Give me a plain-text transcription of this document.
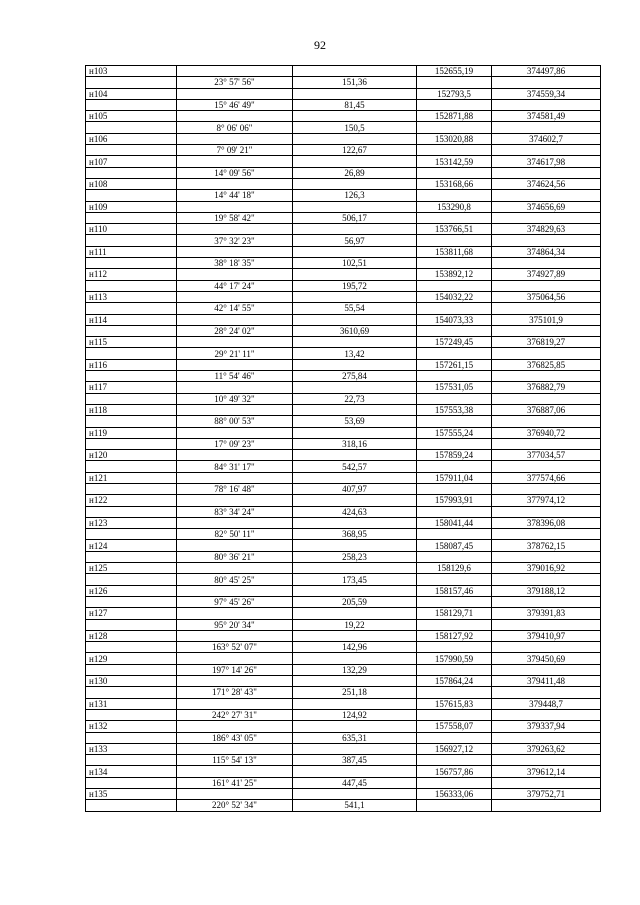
92
н103			152655,19	374497,86
	23° 57' 56"	151,36		
н104			152793,5	374559,34
	15° 46' 49"	81,45		
н105			152871,88	374581,49
	8° 06' 06"	150,5		
н106			153020,88	374602,7
	7° 09' 21"	122,67		
н107			153142,59	374617,98
	14° 09' 56"	26,89		
н108			153168,66	374624,56
	14° 44' 18"	126,3		
н109			153290,8	374656,69
	19° 58' 42"	506,17		
н110			153766,51	374829,63
	37° 32' 23"	56,97		
н111			153811,68	374864,34
	38° 18' 35"	102,51		
н112			153892,12	374927,89
	44° 17' 24"	195,72		
н113			154032,22	375064,56
	42° 14' 55"	55,54		
н114			154073,33	375101,9
	28° 24' 02"	3610,69		
н115			157249,45	376819,27
	29° 21' 11"	13,42		
н116			157261,15	376825,85
	11° 54' 46"	275,84		
н117			157531,05	376882,79
	10° 49' 32"	22,73		
н118			157553,38	376887,06
	88° 00' 53"	53,69		
н119			157555,24	376940,72
	17° 09' 23"	318,16		
н120			157859,24	377034,57
	84° 31' 17"	542,57		
н121			157911,04	377574,66
	78° 16' 48"	407,97		
н122			157993,91	377974,12
	83° 34' 24"	424,63		
н123			158041,44	378396,08
	82° 50' 11"	368,95		
н124			158087,45	378762,15
	80° 36' 21"	258,23		
н125			158129,6	379016,92
	80° 45' 25"	173,45		
н126			158157,46	379188,12
	97° 45' 26"	205,59		
н127			158129,71	379391,83
	95° 20' 34"	19,22		
н128			158127,92	379410,97
	163° 52' 07"	142,96		
н129			157990,59	379450,69
	197° 14' 26"	132,29		
н130			157864,24	379411,48
	171° 28' 43"	251,18		
н131			157615,83	379448,7
	242° 27' 31"	124,92		
н132			157558,07	379337,94
	186° 43' 05"	635,31		
н133			156927,12	379263,62
	115° 54' 13"	387,45		
н134			156757,86	379612,14
	161° 41' 25"	447,45		
н135			156333,06	379752,71
	220° 52' 34"	541,1		
